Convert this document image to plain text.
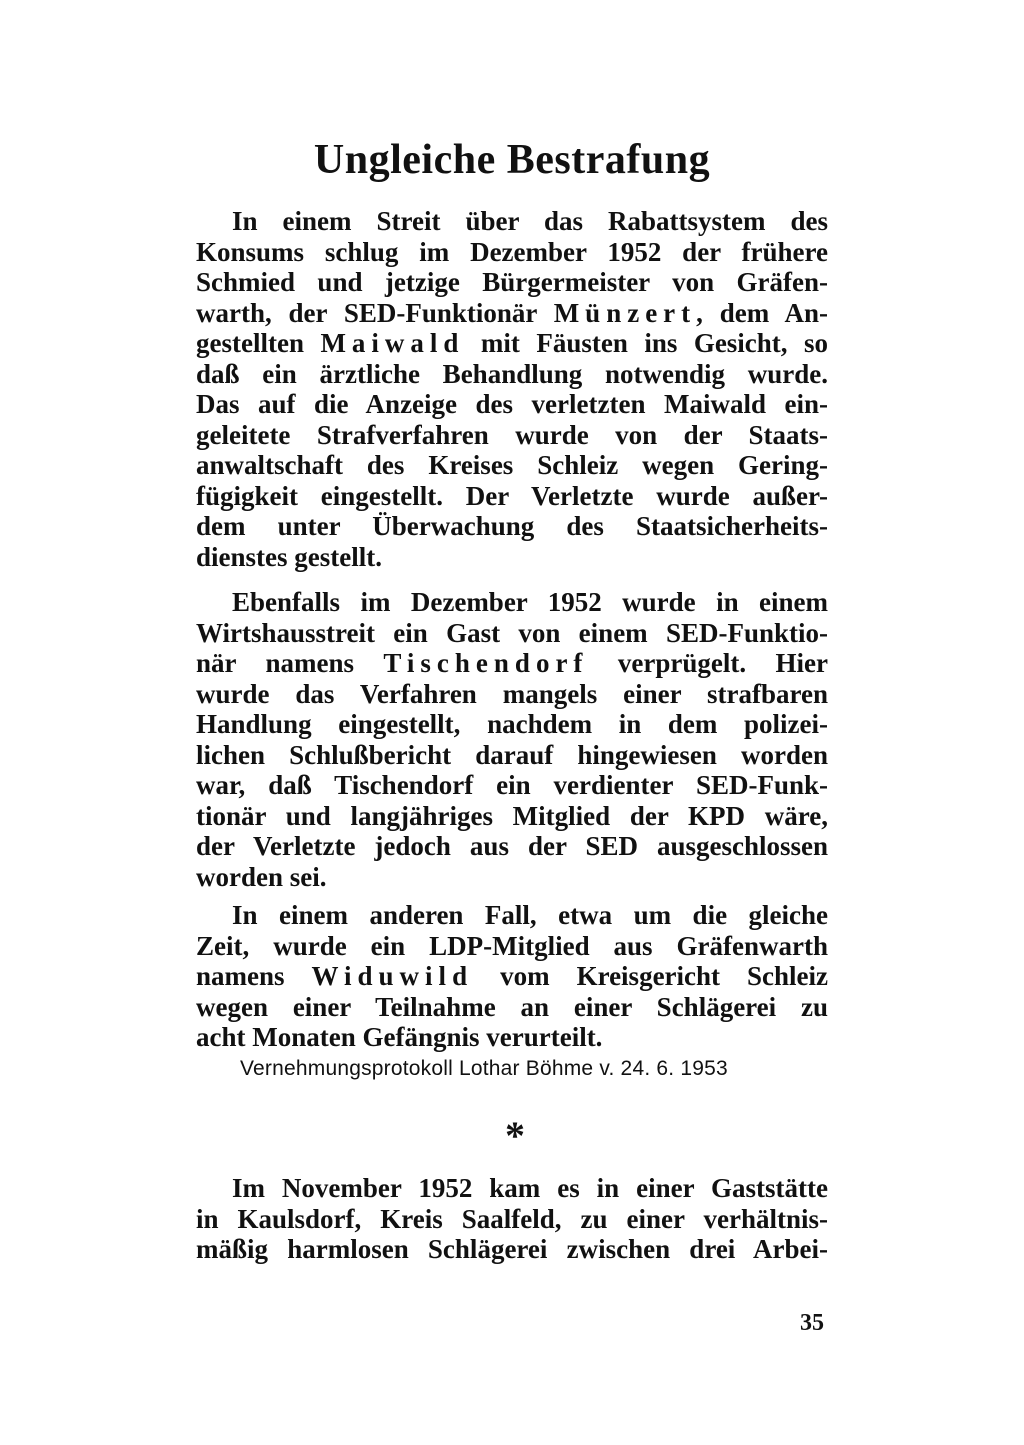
Ungleiche Bestrafung
In einem Streit über das Rabattsystem des
Konsums schlug im Dezember 1952 der frühere
Schmied und jetzige Bürgermeister von Gräfen-
warth, der SED-Funktionär Münzert, dem An-
gestellten Maiwald mit Fäusten ins Gesicht, so
daß ein ärztliche Behandlung notwendig wurde.
Das auf die Anzeige des verletzten Maiwald ein-
geleitete Strafverfahren wurde von der Staats-
anwaltschaft des Kreises Schleiz wegen Gering-
fügigkeit eingestellt. Der Verletzte wurde außer-
dem unter Überwachung des Staatsicherheits-
dienstes gestellt.
Ebenfalls im Dezember 1952 wurde in einem
Wirtshausstreit ein Gast von einem SED-Funktio-
när namens Tischendorf verprügelt. Hier
wurde das Verfahren mangels einer strafbaren
Handlung eingestellt, nachdem in dem polizei-
lichen Schlußbericht darauf hingewiesen worden
war, daß Tischendorf ein verdienter SED-Funk-
tionär und langjähriges Mitglied der KPD wäre,
der Verletzte jedoch aus der SED ausgeschlossen
worden sei.
In einem anderen Fall, etwa um die gleiche
Zeit, wurde ein LDP-Mitglied aus Gräfenwarth
namens Widuwild vom Kreisgericht Schleiz
wegen einer Teilnahme an einer Schlägerei zu
acht Monaten Gefängnis verurteilt.

Vernehmungsprotokoll Lothar Böhme v. 24. 6. 1953

*

Im November 1952 kam es in einer Gaststätte
in Kaulsdorf, Kreis Saalfeld, zu einer verhältnis-
mäßig harmlosen Schlägerei zwischen drei Arbei-

35
